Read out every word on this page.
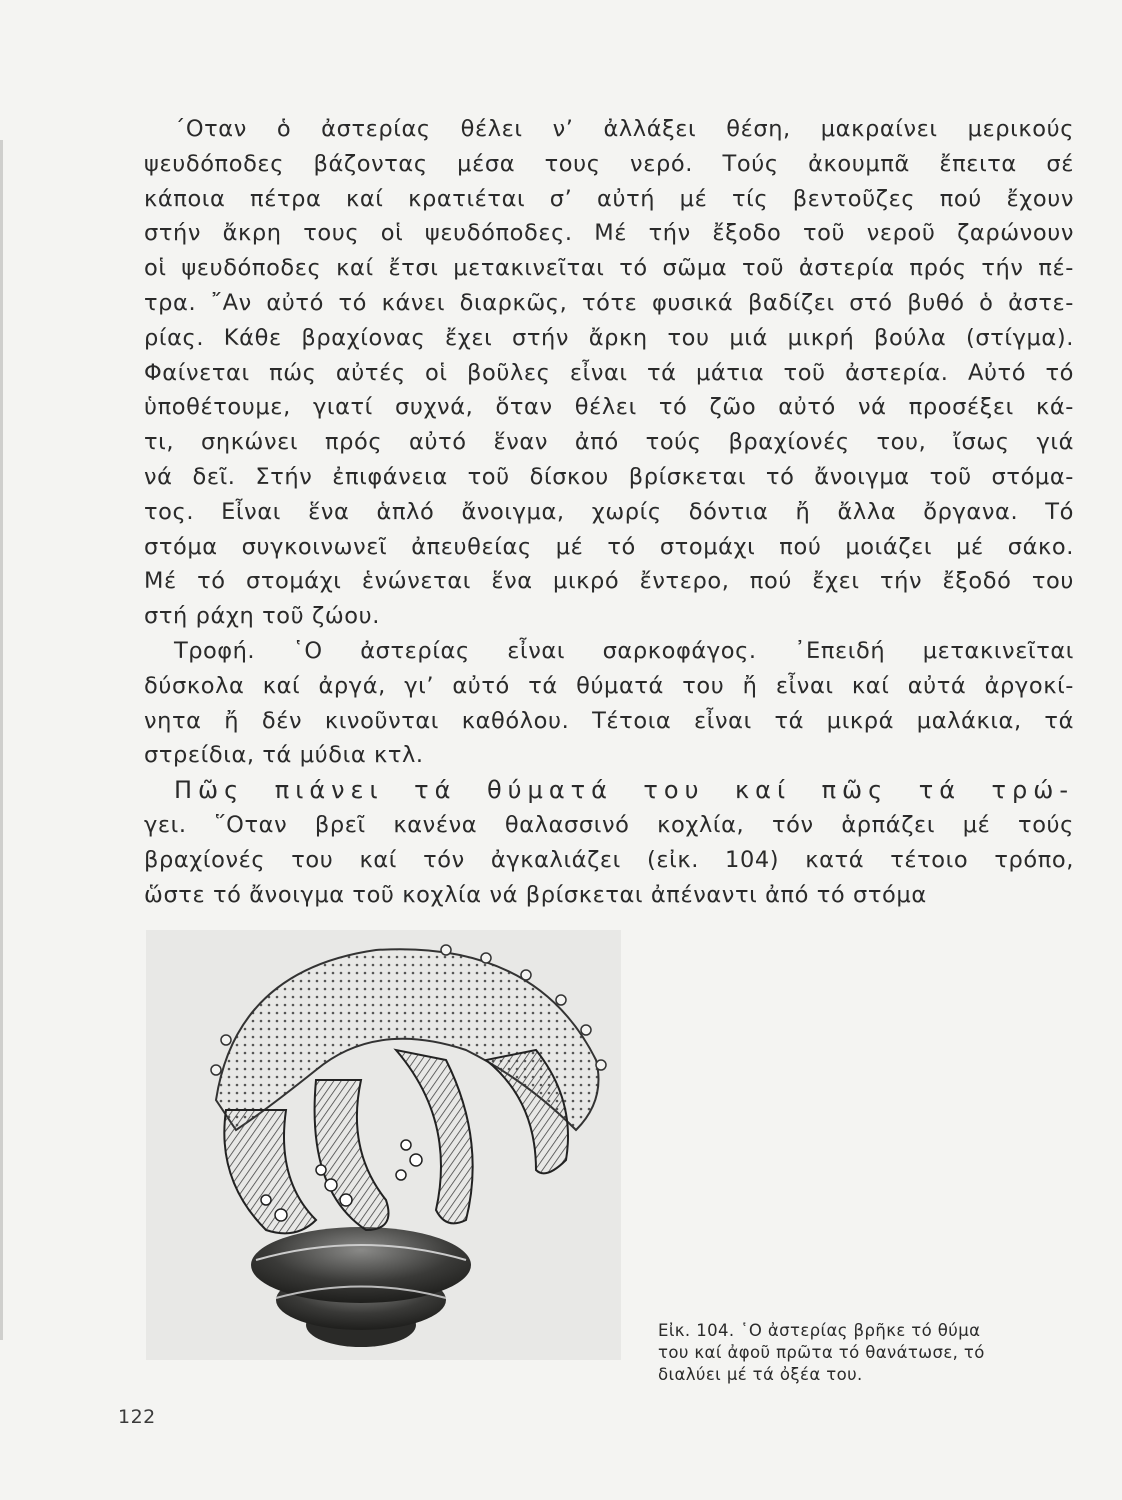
΄Οταν ὁ ἀστερίας θέλει ν’ ἀλλάξει θέση, μακραίνει μερικούς
ψευδόποδες βάζοντας μέσα τους νερό. Τούς ἀκουμπᾶ ἔπειτα σέ
κάποια πέτρα καί κρατιέται σ’ αὐτή μέ τίς βεντοῦζες πού ἔχουν
στήν ἄκρη τους οἱ ψευδόποδες. Μέ τήν ἔξοδο τοῦ νεροῦ ζαρώνουν
οἱ ψευδόποδες καί ἔτσι μετακινεῖται τό σῶμα τοῦ ἀστερία πρός τήν πέ-
τρα. ῎Αν αὐτό τό κάνει διαρκῶς, τότε φυσικά βαδίζει στό βυθό ὁ ἀστε-
ρίας. Κάθε βραχίονας ἔχει στήν ἄρκη του μιά μικρή βούλα (στίγμα).
Φαίνεται πώς αὐτές οἱ βοῦλες εἶναι τά μάτια τοῦ ἀστερία. Αὐτό τό
ὑποθέτουμε, γιατί συχνά, ὅταν θέλει τό ζῶο αὐτό νά προσέξει κά-
τι, σηκώνει πρός αὐτό ἕναν ἀπό τούς βραχίονές του, ἴσως γιά
νά δεῖ. Στήν ἐπιφάνεια τοῦ δίσκου βρίσκεται τό ἄνοιγμα τοῦ στόμα-
τος. Εἶναι ἕνα ἁπλό ἄνοιγμα, χωρίς δόντια ἤ ἄλλα ὄργανα. Τό
στόμα συγκοινωνεῖ ἀπευθείας μέ τό στομάχι πού μοιάζει μέ σάκο.
Μέ τό στομάχι ἑνώνεται ἕνα μικρό ἔντερο, πού ἔχει τήν ἔξοδό του
στή ράχη τοῦ ζώου.
Τροφή. ῾Ο ἀστερίας εἶναι σαρκοφάγος. ᾿Επειδή μετακινεῖται
δύσκολα καί ἀργά, γι’ αὐτό τά θύματά του ἤ εἶναι καί αὐτά ἀργοκί-
νητα ἤ δέν κινοῦνται καθόλου. Τέτοια εἶναι τά μικρά μαλάκια, τά
στρείδια, τά μύδια κτλ.
Πῶς πιάνει τά θύματά του καί πῶς τά τρώ-
γει. ῞Οταν βρεῖ κανένα θαλασσινό κοχλία, τόν ἁρπάζει μέ τούς
βραχίονές του καί τόν ἀγκαλιάζει (εἰκ. 104) κατά τέτοιο τρόπο,
ὥστε τό ἄνοιγμα τοῦ κοχλία νά βρίσκεται ἀπέναντι ἀπό τό στόμα
Εἰκ. 104. ῾Ο ἀστερίας βρῆκε τό θύμα
του καί ἀφοῦ πρῶτα τό θανάτωσε, τό
διαλύει μέ τά ὀξέα του.
122
